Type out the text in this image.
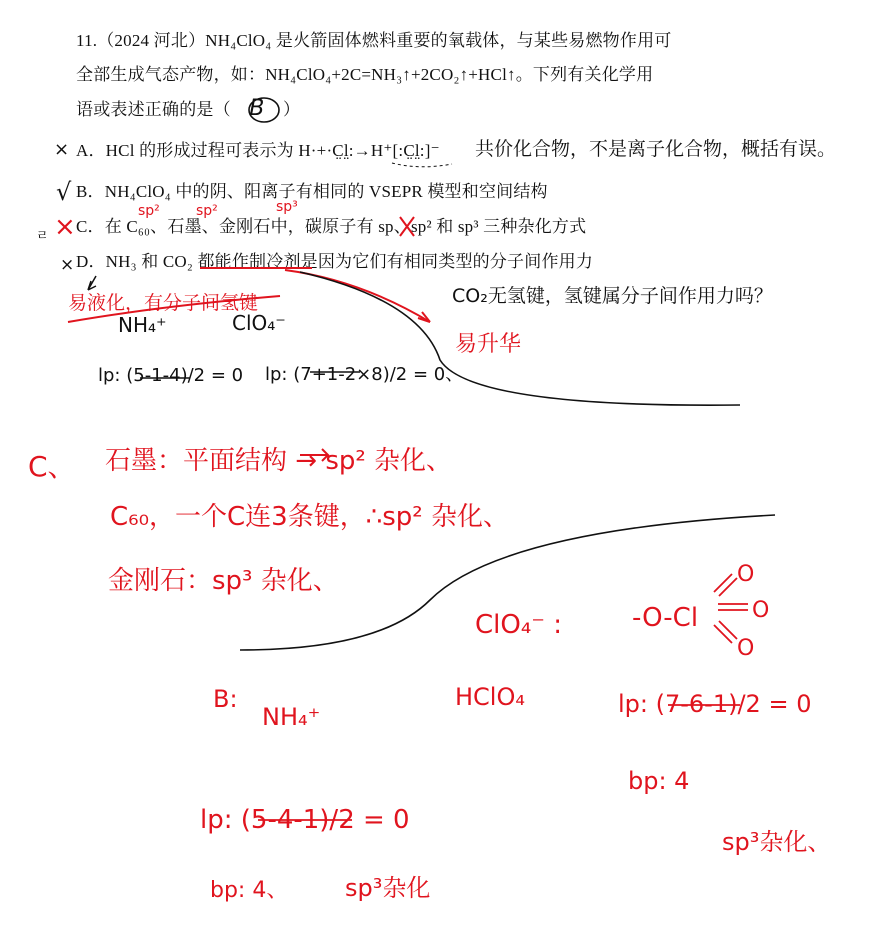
11.（2024 河北）NH₄ClO₄ 是火箭固体燃料重要的氧载体，与某些易燃物作用可
全部生成气态产物，如：NH₄ClO₄+2C=NH₃↑+2CO₂↑+HCl↑。下列有关化学用
语或表述正确的是（ B ）
A．HCl 的形成过程可表示为 H·+·C̤l̤:→H⁺[:C̤l̤:]⁻
B．NH₄ClO₄ 中的阴、阳离子有相同的 VSEPR 模型和空间结构
C．在 C₆₀、石墨、金刚石中，碳原子有 sp、sp² 和 sp³ 三种杂化方式
D．NH₃ 和 CO₂ 都能作制冷剂是因为它们有相同类型的分子间作用力
×
√
×
ㄹ
×
共价化合物，不是离子化合物，概括有误。
CO₂无氢键，氢键属分子间作用力吗？
NH₄⁺	ClO₄⁻
lp: (5-1-4)/2 = 0 lp: (7+1-2×8)/2 = 0、
sp²	sp²	sp³
易液化，有分子间氢键
易升华
C、 石墨：平面结构 → sp² 杂化、
C₆₀，一个C连3条键，∴sp² 杂化、
金刚石：sp³ 杂化、
ClO₄⁻ :	-O-Cl
O
O
O
B:
NH₄⁺
HClO₄	lp: (7-6-1)/2 = 0
bp: 4
sp³杂化、
lp: (5-4-1)/2 = 0
bp: 4、 sp³杂化
